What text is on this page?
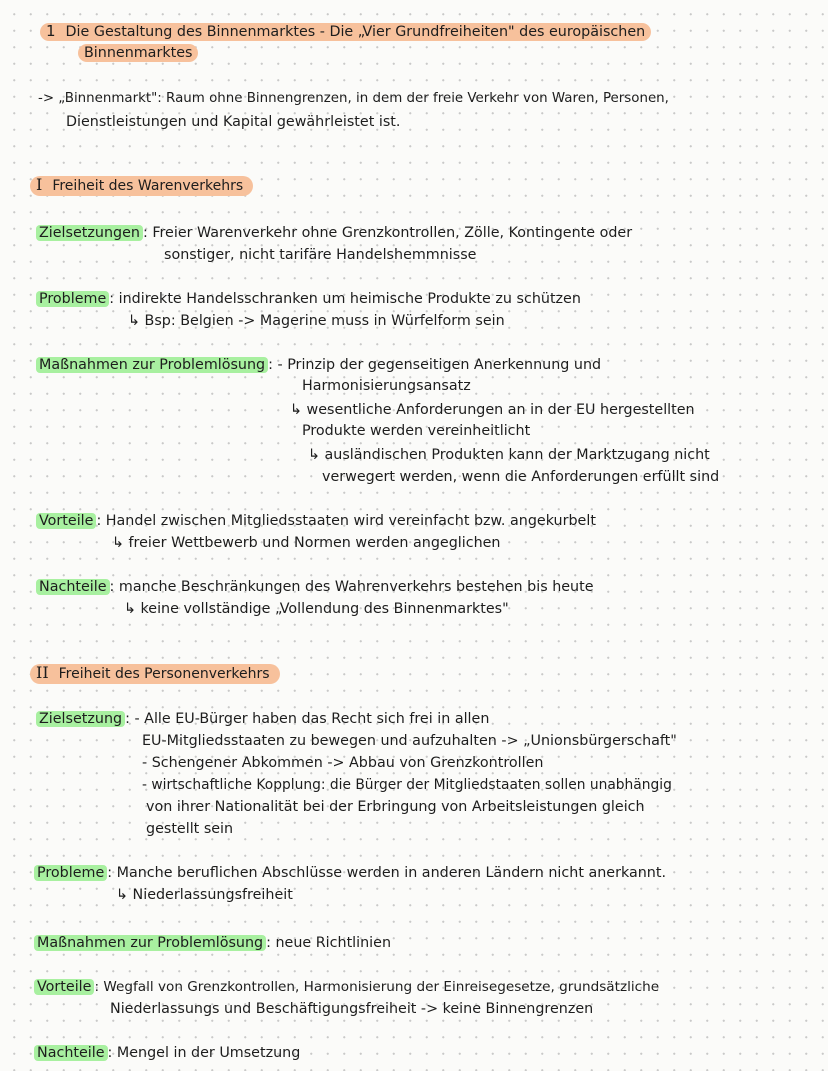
1 Die Gestaltung des Binnenmarktes - Die „Vier Grundfreiheiten" des europäischen
Binnenmarktes
-> „Binnenmarkt": Raum ohne Binnengrenzen, in dem der freie Verkehr von Waren, Personen,
Dienstleistungen und Kapital gewährleistet ist.
I Freiheit des Warenverkehrs
Zielsetzungen : Freier Warenverkehr ohne Grenzkontrollen, Zölle, Kontingente oder
sonstiger, nicht tarifäre Handelshemmnisse
Probleme : indirekte Handelsschranken um heimische Produkte zu schützen
↳ Bsp: Belgien -> Magerine muss in Würfelform sein
Maßnahmen zur Problemlösung : - Prinzip der gegenseitigen Anerkennung und
Harmonisierungsansatz
↳ wesentliche Anforderungen an in der EU hergestellten
Produkte werden vereinheitlicht
↳ ausländischen Produkten kann der Marktzugang nicht
verwegert werden, wenn die Anforderungen erfüllt sind
Vorteile : Handel zwischen Mitgliedsstaaten wird vereinfacht bzw. angekurbelt
↳ freier Wettbewerb und Normen werden angeglichen
Nachteile : manche Beschränkungen des Wahrenverkehrs bestehen bis heute
↳ keine vollständige „Vollendung des Binnenmarktes"
II Freiheit des Personenverkehrs
Zielsetzung : - Alle EU-Bürger haben das Recht sich frei in allen
EU-Mitgliedsstaaten zu bewegen und aufzuhalten -> „Unionsbürgerschaft"
- Schengener Abkommen -> Abbau von Grenzkontrollen
- wirtschaftliche Kopplung: die Bürger der Mitgliedstaaten sollen unabhängig
von ihrer Nationalität bei der Erbringung von Arbeitsleistungen gleich
gestellt sein
Probleme : Manche beruflichen Abschlüsse werden in anderen Ländern nicht anerkannt.
↳ Niederlassungsfreiheit
Maßnahmen zur Problemlösung : neue Richtlinien
Vorteile : Wegfall von Grenzkontrollen, Harmonisierung der Einreisegesetze, grundsätzliche
Niederlassungs und Beschäftigungsfreiheit -> keine Binnengrenzen
Nachteile : Mengel in der Umsetzung
